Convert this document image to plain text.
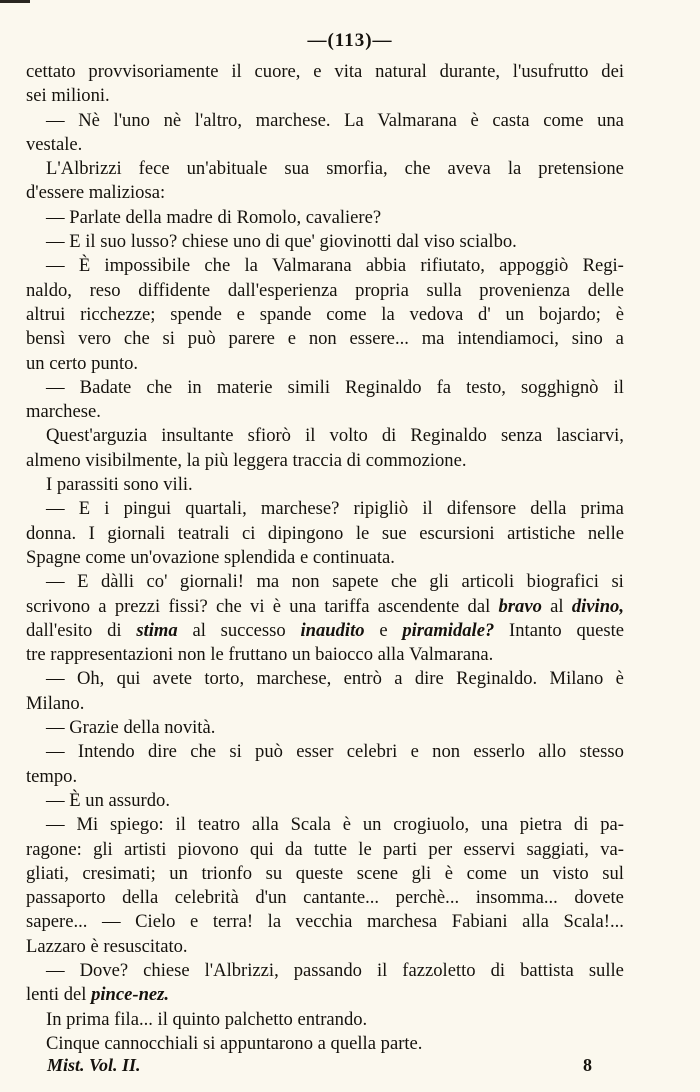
—(113)—
cettato provvisoriamente il cuore, e vita natural durante, l'usufrutto dei
sei milioni.
— Nè l'uno nè l'altro, marchese. La Valmarana è casta come una
vestale.
L'Albrizzi fece un'abituale sua smorfia, che aveva la pretensione
d'essere maliziosa:
— Parlate della madre di Romolo, cavaliere?
— E il suo lusso? chiese uno di que' giovinotti dal viso scialbo.
— È impossibile che la Valmarana abbia rifiutato, appoggiò Regi-
naldo, reso diffidente dall'esperienza propria sulla provenienza delle
altrui ricchezze; spende e spande come la vedova d' un bojardo; è
bensì vero che si può parere e non essere... ma intendiamoci, sino a
un certo punto.
— Badate che in materie simili Reginaldo fa testo, sogghignò il
marchese.
Quest'arguzia insultante sfiorò il volto di Reginaldo senza lasciarvi,
almeno visibilmente, la più leggera traccia di commozione.
I parassiti sono vili.
— E i pingui quartali, marchese? ripigliò il difensore della prima
donna. I giornali teatrali ci dipingono le sue escursioni artistiche nelle
Spagne come un'ovazione splendida e continuata.
— E dàlli co' giornali! ma non sapete che gli articoli biografici si
scrivono a prezzi fissi? che vi è una tariffa ascendente dal bravo al divino,
dall'esito di stima al successo inaudito e piramidale? Intanto queste
tre rappresentazioni non le fruttano un baiocco alla Valmarana.
— Oh, qui avete torto, marchese, entrò a dire Reginaldo. Milano è
Milano.
— Grazie della novità.
— Intendo dire che si può esser celebri e non esserlo allo stesso
tempo.
— È un assurdo.
— Mi spiego: il teatro alla Scala è un crogiuolo, una pietra di pa-
ragone: gli artisti piovono qui da tutte le parti per esservi saggiati, va-
gliati, cresimati; un trionfo su queste scene gli è come un visto sul
passaporto della celebrità d'un cantante... perchè... insomma... dovete
sapere... — Cielo e terra! la vecchia marchesa Fabiani alla Scala!...
Lazzaro è resuscitato.
— Dove? chiese l'Albrizzi, passando il fazzoletto di battista sulle
lenti del pince-nez.
In prima fila... il quinto palchetto entrando.
Cinque cannocchiali si appuntarono a quella parte.
Mist. Vol. II.	8
